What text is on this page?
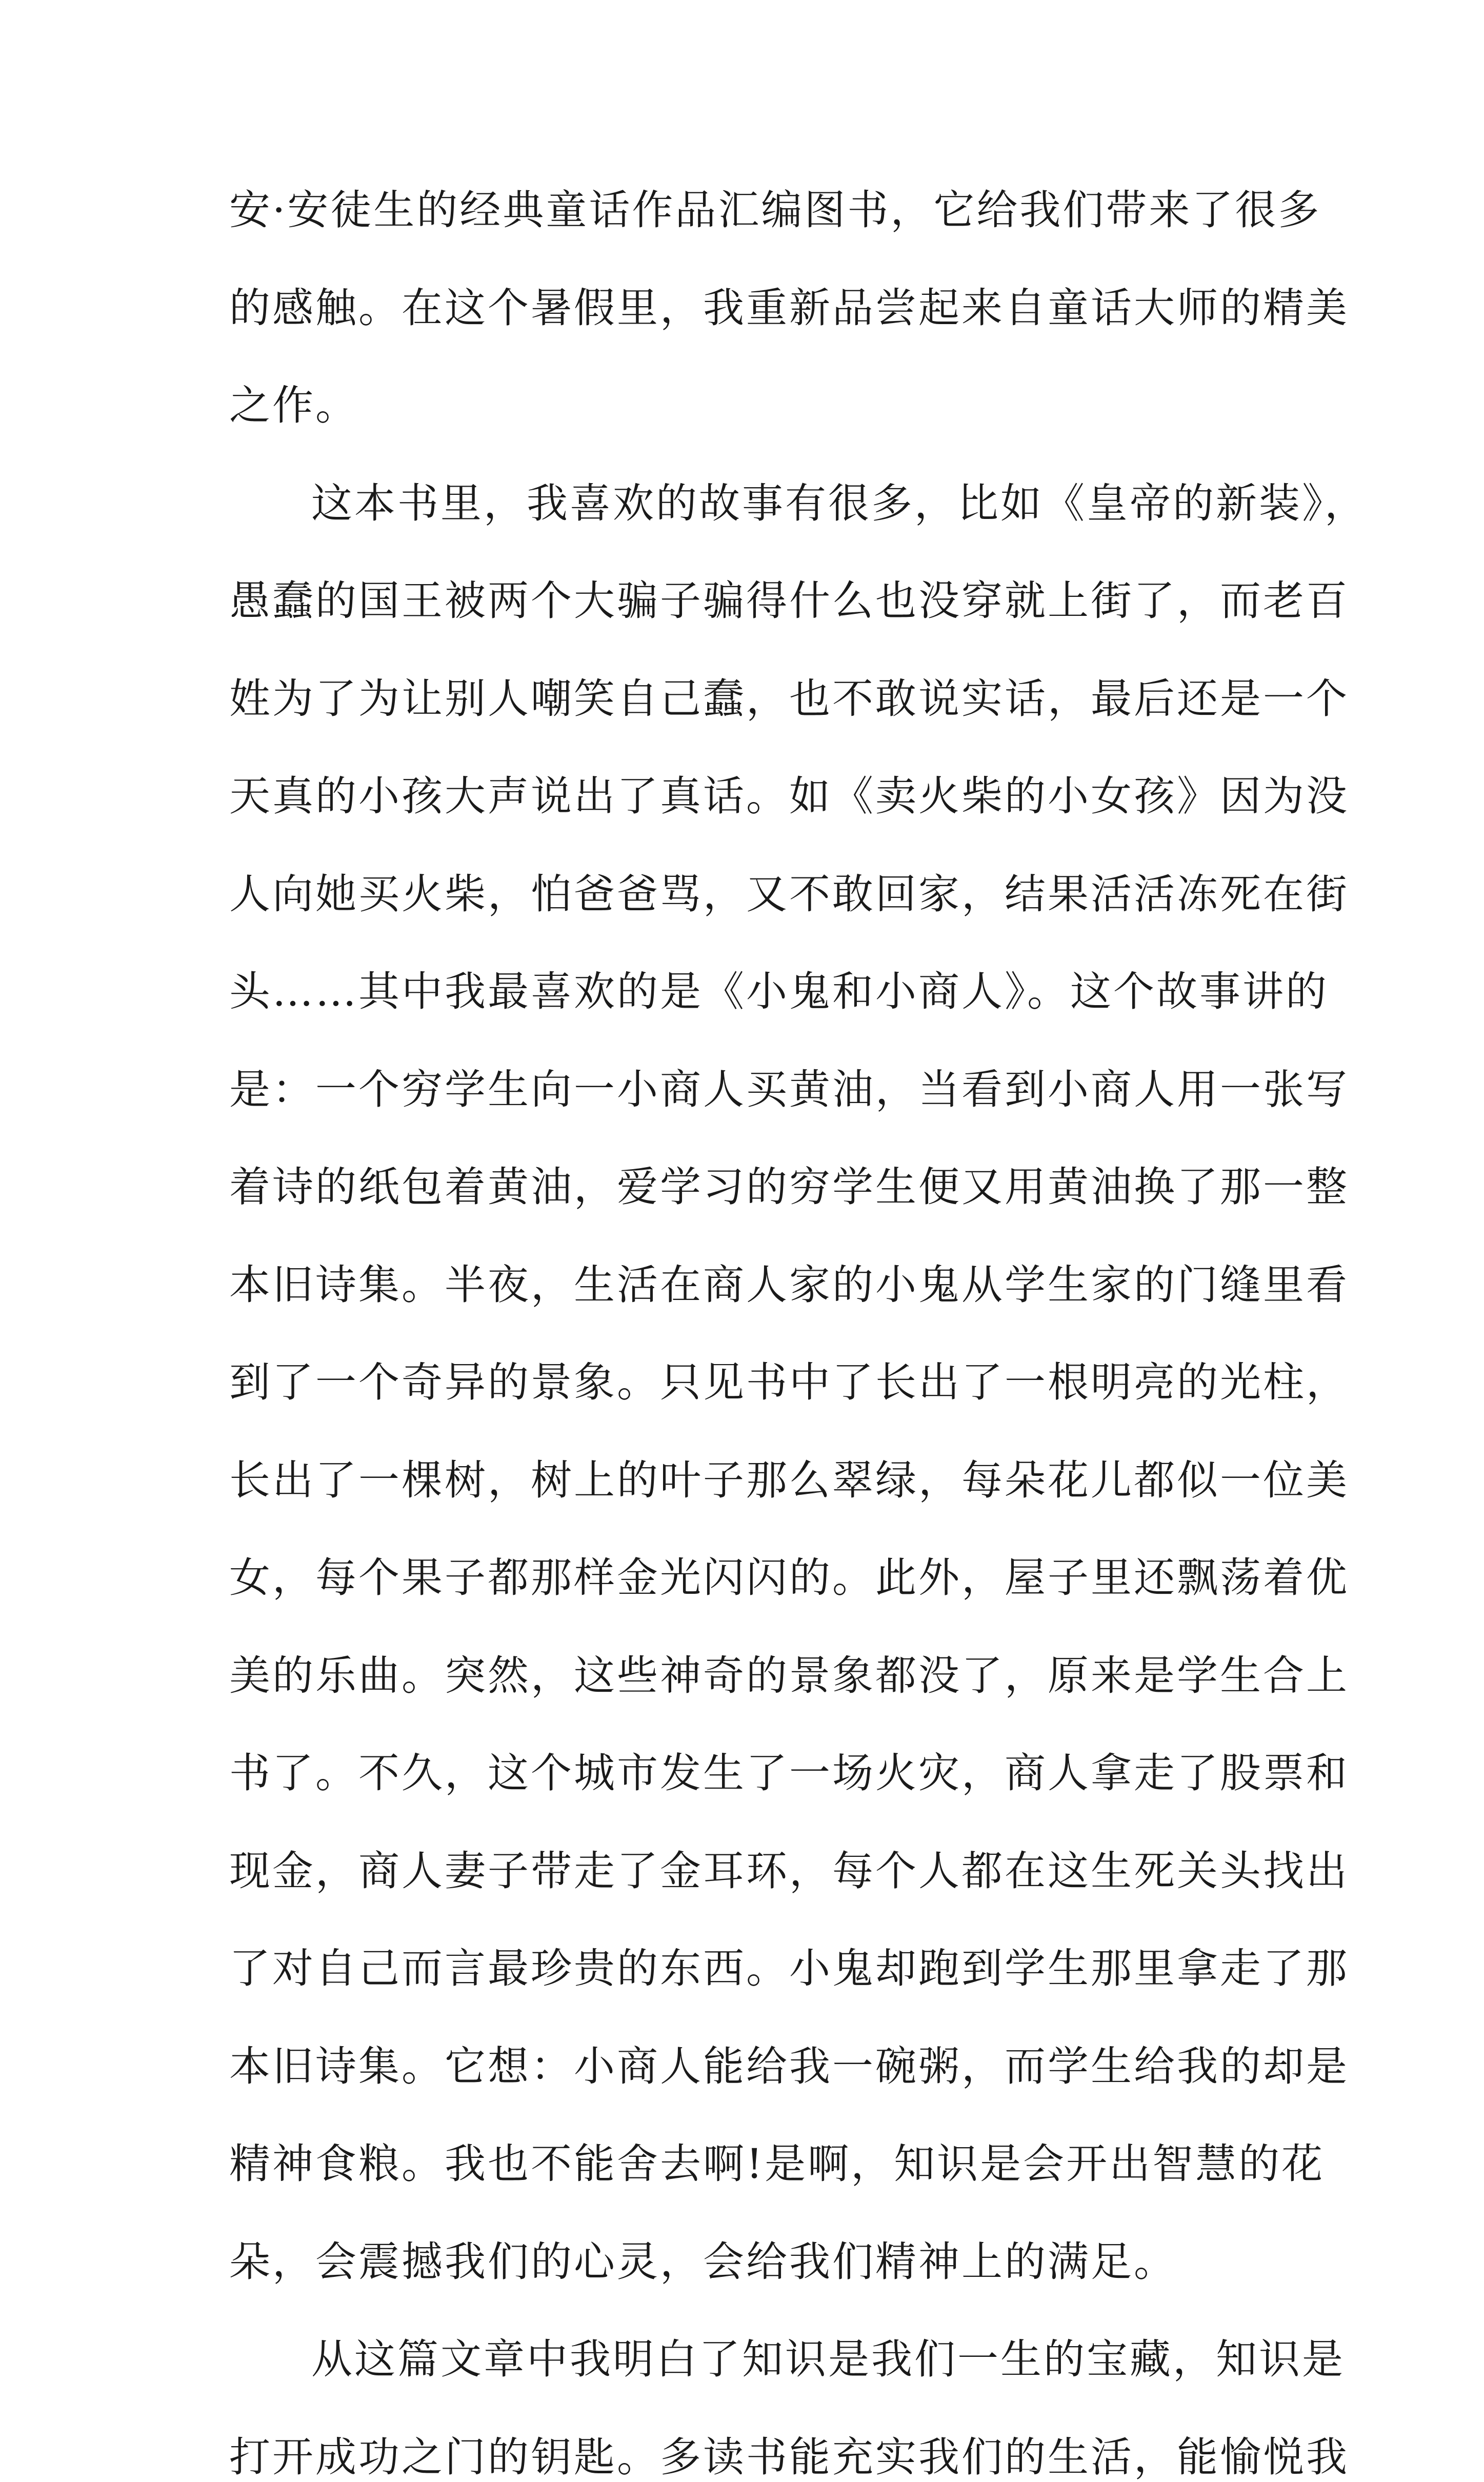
安·安徒生的经典童话作品汇编图书，它给我们带来了很多
的感触。在这个暑假里，我重新品尝起来自童话大师的精美
之作。
这本书里，我喜欢的故事有很多，比如《皇帝的新装》，
愚蠢的国王被两个大骗子骗得什么也没穿就上街了，而老百
姓为了为让别人嘲笑自己蠢，也不敢说实话，最后还是一个
天真的小孩大声说出了真话。如《卖火柴的小女孩》因为没
人向她买火柴，怕爸爸骂，又不敢回家，结果活活冻死在街
头……其中我最喜欢的是《小鬼和小商人》。这个故事讲的
是：一个穷学生向一小商人买黄油，当看到小商人用一张写
着诗的纸包着黄油，爱学习的穷学生便又用黄油换了那一整
本旧诗集。半夜，生活在商人家的小鬼从学生家的门缝里看
到了一个奇异的景象。只见书中了长出了一根明亮的光柱，
长出了一棵树，树上的叶子那么翠绿，每朵花儿都似一位美
女，每个果子都那样金光闪闪的。此外，屋子里还飘荡着优
美的乐曲。突然，这些神奇的景象都没了，原来是学生合上
书了。不久，这个城市发生了一场火灾，商人拿走了股票和
现金，商人妻子带走了金耳环，每个人都在这生死关头找出
了对自己而言最珍贵的东西。小鬼却跑到学生那里拿走了那
本旧诗集。它想：小商人能给我一碗粥，而学生给我的却是
精神食粮。我也不能舍去啊!是啊，知识是会开出智慧的花
朵，会震撼我们的心灵，会给我们精神上的满足。
从这篇文章中我明白了知识是我们一生的宝藏，知识是
打开成功之门的钥匙。多读书能充实我们的生活，能愉悦我
